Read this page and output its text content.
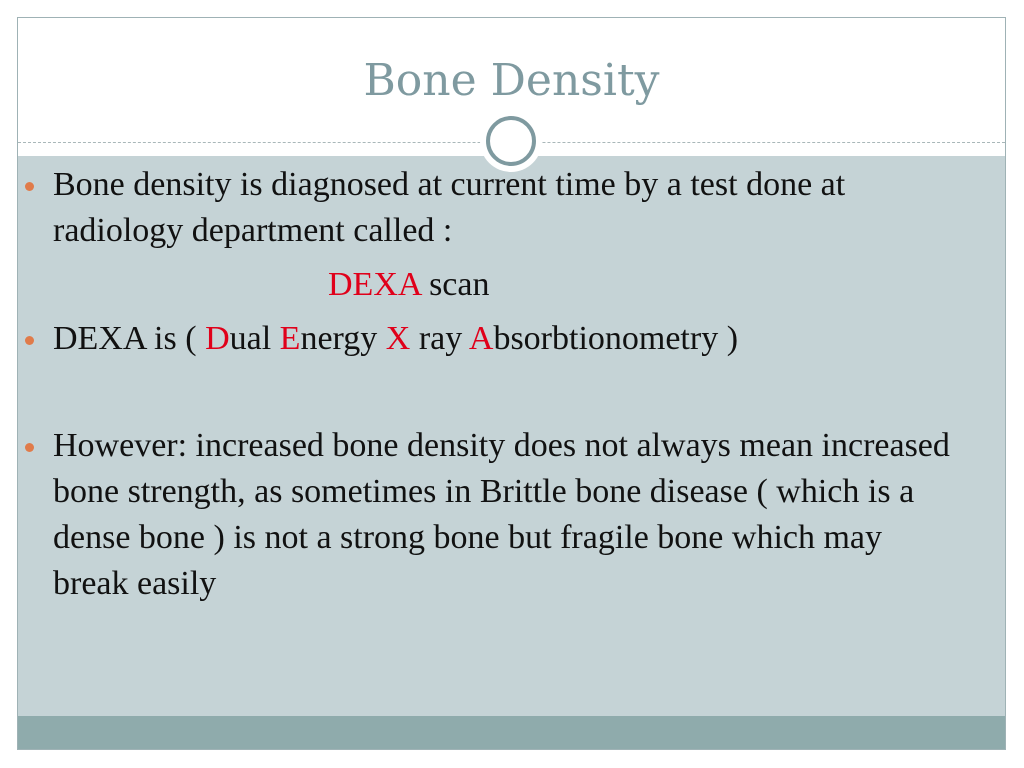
Bone Density
Bone density is diagnosed at current time by a test done at radiology department called :
DEXA scan
DEXA is ( Dual Energy X ray Absorbtionometry )
However: increased bone density does not always mean increased bone strength, as sometimes in Brittle bone disease ( which is a dense bone ) is not a strong bone but fragile bone which may break easily
